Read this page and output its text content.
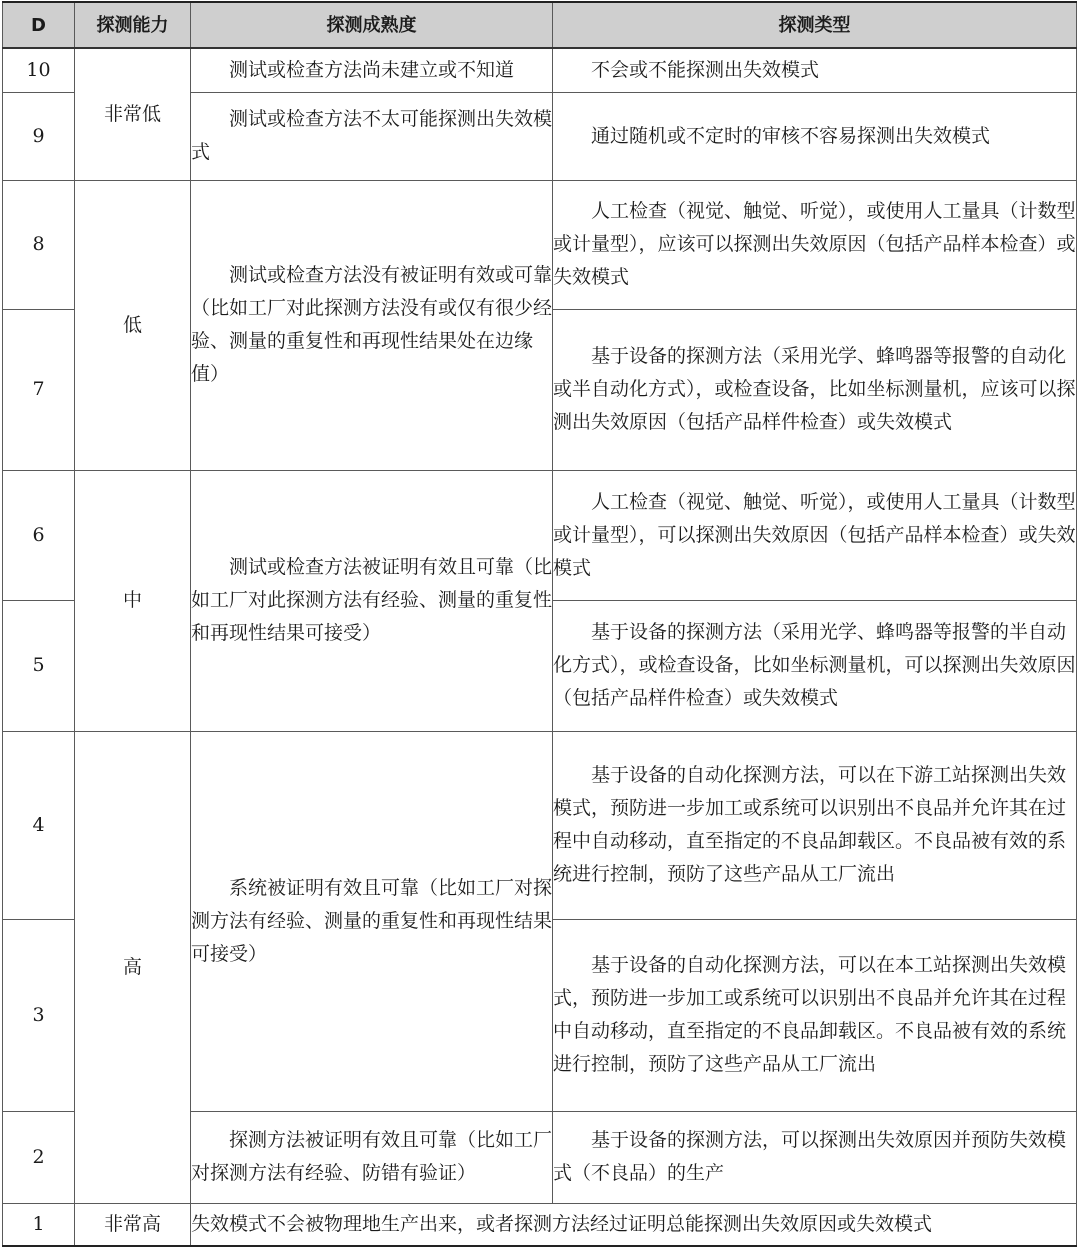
D	探测能力	探测成熟度	探测类型
10	非常低	测试或检查方法尚未建立或不知道	不会或不能探测出失效模式
9		测试或检查方法不太可能探测出失效模式	通过随机或不定时的审核不容易探测出失效模式
8	低	测试或检查方法没有被证明有效或可靠（比如工厂对此探测方法没有或仅有很少经验、测量的重复性和再现性结果处在边缘值）	人工检查（视觉、触觉、听觉），或使用人工量具（计数型或计量型），应该可以探测出失效原因（包括产品样本检查）或失效模式
7			基于设备的探测方法（采用光学、蜂鸣器等报警的自动化或半自动化方式），或检查设备，比如坐标测量机，应该可以探测出失效原因（包括产品样件检查）或失效模式
6	中	测试或检查方法被证明有效且可靠（比如工厂对此探测方法有经验、测量的重复性和再现性结果可接受）	人工检查（视觉、触觉、听觉），或使用人工量具（计数型或计量型），可以探测出失效原因（包括产品样本检查）或失效模式
5			基于设备的探测方法（采用光学、蜂鸣器等报警的半自动化方式），或检查设备，比如坐标测量机，可以探测出失效原因（包括产品样件检查）或失效模式
4	高	系统被证明有效且可靠（比如工厂对探测方法有经验、测量的重复性和再现性结果可接受）	基于设备的自动化探测方法，可以在下游工站探测出失效模式，预防进一步加工或系统可以识别出不良品并允许其在过程中自动移动，直至指定的不良品卸载区。不良品被有效的系统进行控制，预防了这些产品从工厂流出
3			基于设备的自动化探测方法，可以在本工站探测出失效模式，预防进一步加工或系统可以识别出不良品并允许其在过程中自动移动，直至指定的不良品卸载区。不良品被有效的系统进行控制，预防了这些产品从工厂流出
2		探测方法被证明有效且可靠（比如工厂对探测方法有经验、防错有验证）	基于设备的探测方法，可以探测出失效原因并预防失效模式（不良品）的生产
1	非常高	失效模式不会被物理地生产出来，或者探测方法经过证明总能探测出失效原因或失效模式	
